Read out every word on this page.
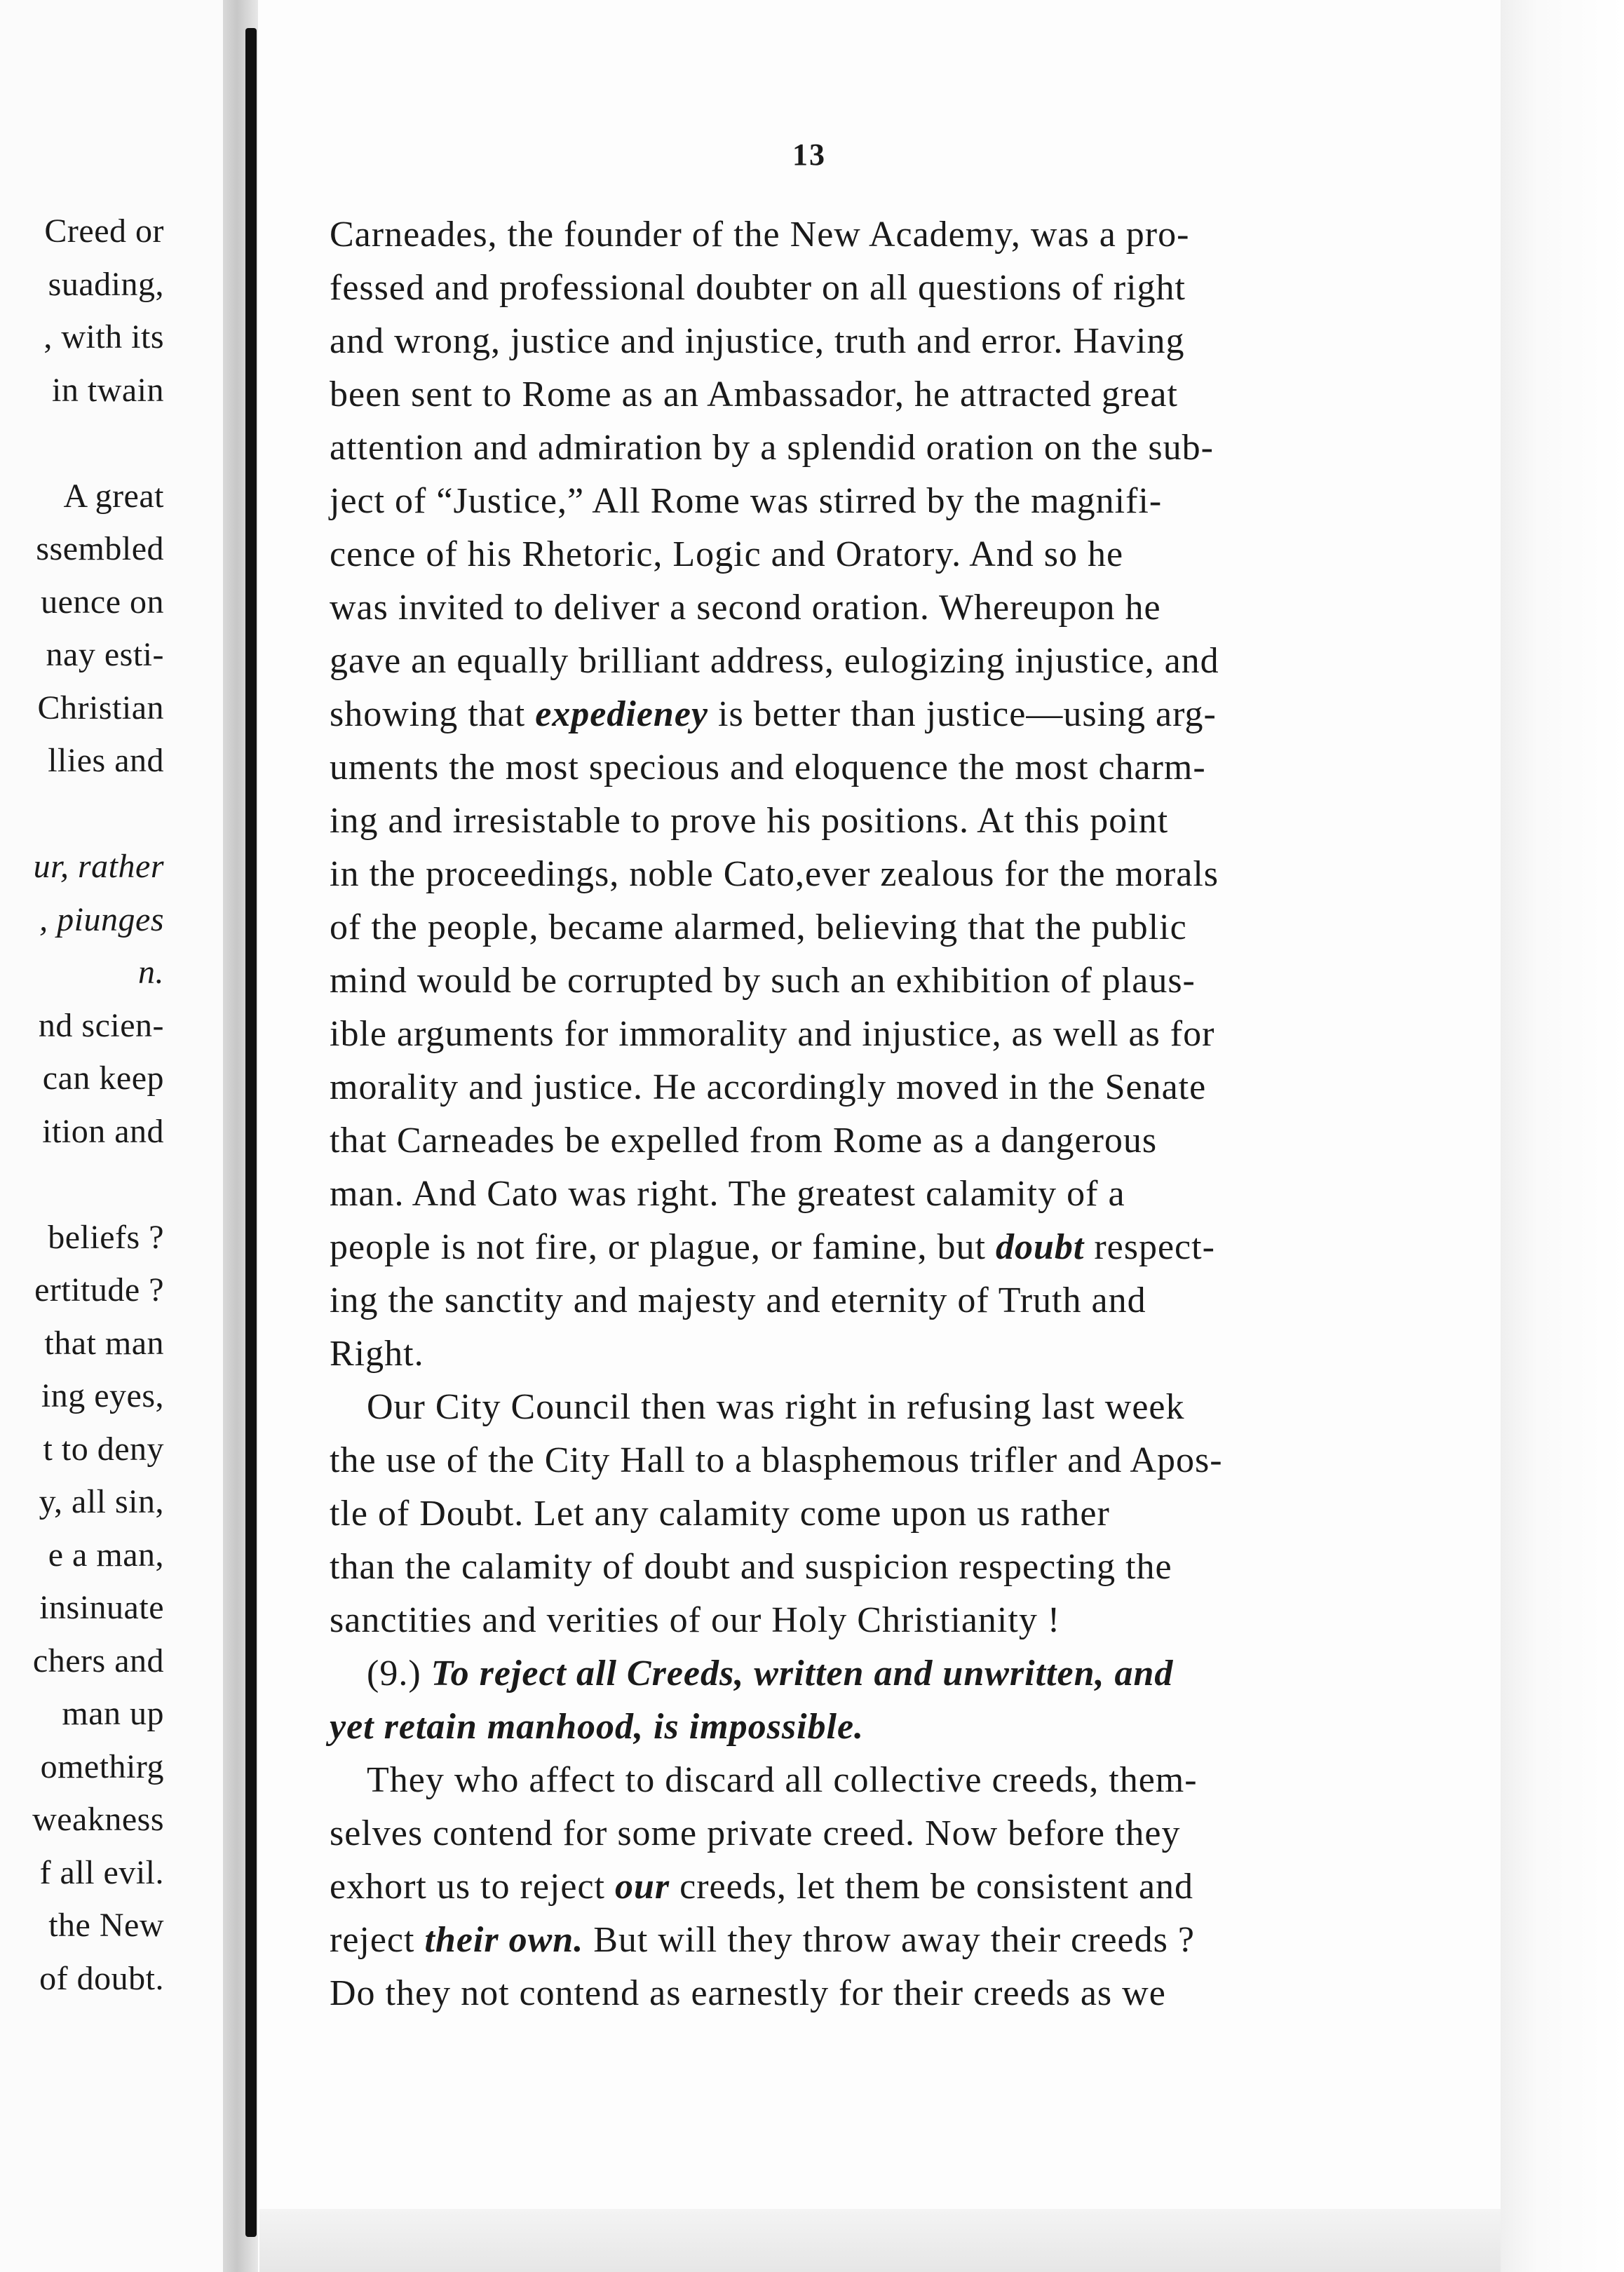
Creed or
suading,
, with its
in twain
A great
ssembled
uence on
nay esti-
Christian
llies and
ur, rather
, piunges
n.
nd scien-
can keep
ition and
beliefs ?
ertitude ?
that man
ing eyes,
t to deny
y, all sin,
e a man,
insinuate
chers and
man up
omethirg
weakness
f all evil.
the New
of doubt.
13
Carneades, the founder of the New Academy, was a pro-
fessed and professional doubter on all questions of right
and wrong, justice and injustice, truth and error. Having
been sent to Rome as an Ambassador, he attracted great
attention and admiration by a splendid oration on the sub-
ject of “Justice,” All Rome was stirred by the magnifi-
cence of his Rhetoric, Logic and Oratory. And so he
was invited to deliver a second oration. Whereupon he
gave an equally brilliant address, eulogizing injustice, and
showing that expedieney is better than justice—using arg-
uments the most specious and eloquence the most charm-
ing and irresistable to prove his positions. At this point
in the proceedings, noble Cato,ever zealous for the morals
of the people, became alarmed, believing that the public
mind would be corrupted by such an exhibition of plaus-
ible arguments for immorality and injustice, as well as for
morality and justice. He accordingly moved in the Senate
that Carneades be expelled from Rome as a dangerous
man. And Cato was right. The greatest calamity of a
people is not fire, or plague, or famine, but doubt respect-
ing the sanctity and majesty and eternity of Truth and
Right.
 Our City Council then was right in refusing last week
the use of the City Hall to a blasphemous trifler and Apos-
tle of Doubt. Let any calamity come upon us rather
than the calamity of doubt and suspicion respecting the
sanctities and verities of our Holy Christianity !
 (9.) To reject all Creeds, written and unwritten, and
yet retain manhood, is impossible.
 They who affect to discard all collective creeds, them-
selves contend for some private creed. Now before they
exhort us to reject our creeds, let them be consistent and
reject their own. But will they throw away their creeds ?
Do they not contend as earnestly for their creeds as we
